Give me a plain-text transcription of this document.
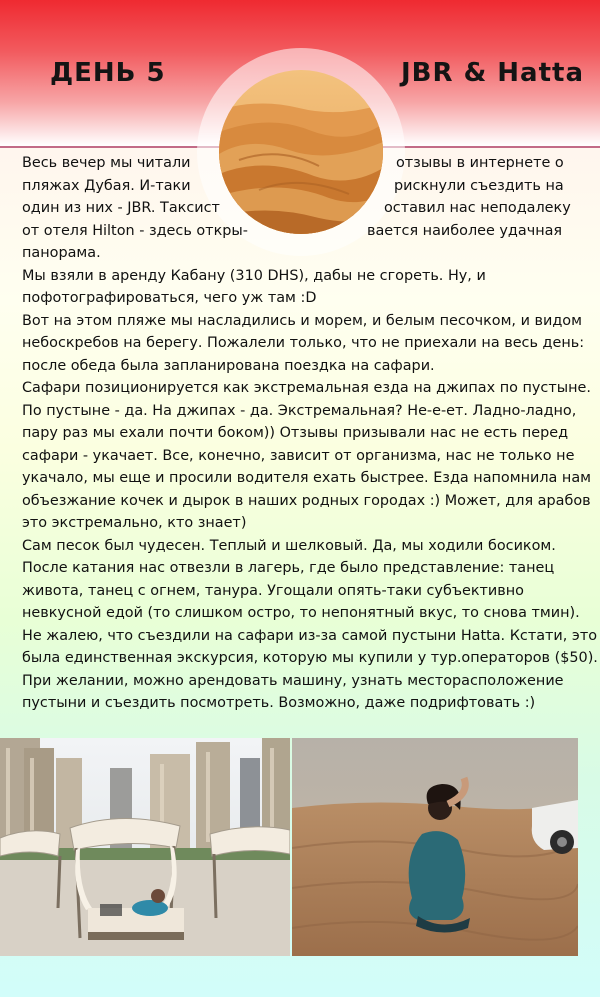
ДЕНЬ 5	JBR & Hatta
Весь вечер мы читали	отзывы в интернете о
пляжах Дубая. И-таки	рискнули съездить на
один из них - JBR. Таксист	оставил нас неподалеку
от отеля Hilton - здесь откры-	вается наиболее удачная
панорама.
Мы взяли в аренду Кабану (310 DHS), дабы не сгореть. Ну, и
пофотографироваться, чего уж там :D
Вот на этом пляже мы насладились и морем, и белым песочком, и видом
небоскребов на берегу. Пожалели только, что не приехали на весь день:
после обеда была запланирована поездка на сафари.
Сафари позиционируется как экстремальная езда на джипах по пустыне.
По пустыне - да. На джипах - да. Экстремальная? Не-е-ет. Ладно-ладно,
пару раз мы ехали почти боком)) Отзывы призывали нас не есть перед
сафари - укачает. Все, конечно, зависит от организма, нас не только не
укачало, мы еще и просили водителя ехать быстрее. Езда напомнила нам
объезжание кочек и дырок в наших родных городах :) Может, для арабов
это экстремально, кто знает)
Сам песок был чудесен. Теплый и шелковый. Да, мы ходили босиком.
После катания нас отвезли в лагерь, где было представление: танец
живота, танец с огнем, танура. Угощали опять-таки субъективно
невкусной едой (то слишком остро, то непонятный вкус, то снова тмин).
Не жалею, что съездили на сафари из-за самой пустыни Hatta. Кстати, это
была единственная экскурсия, которую мы купили у тур.операторов ($50).
При желании, можно арендовать машину, узнать месторасположение
пустыни и съездить посмотреть. Возможно, даже подрифтовать :)
